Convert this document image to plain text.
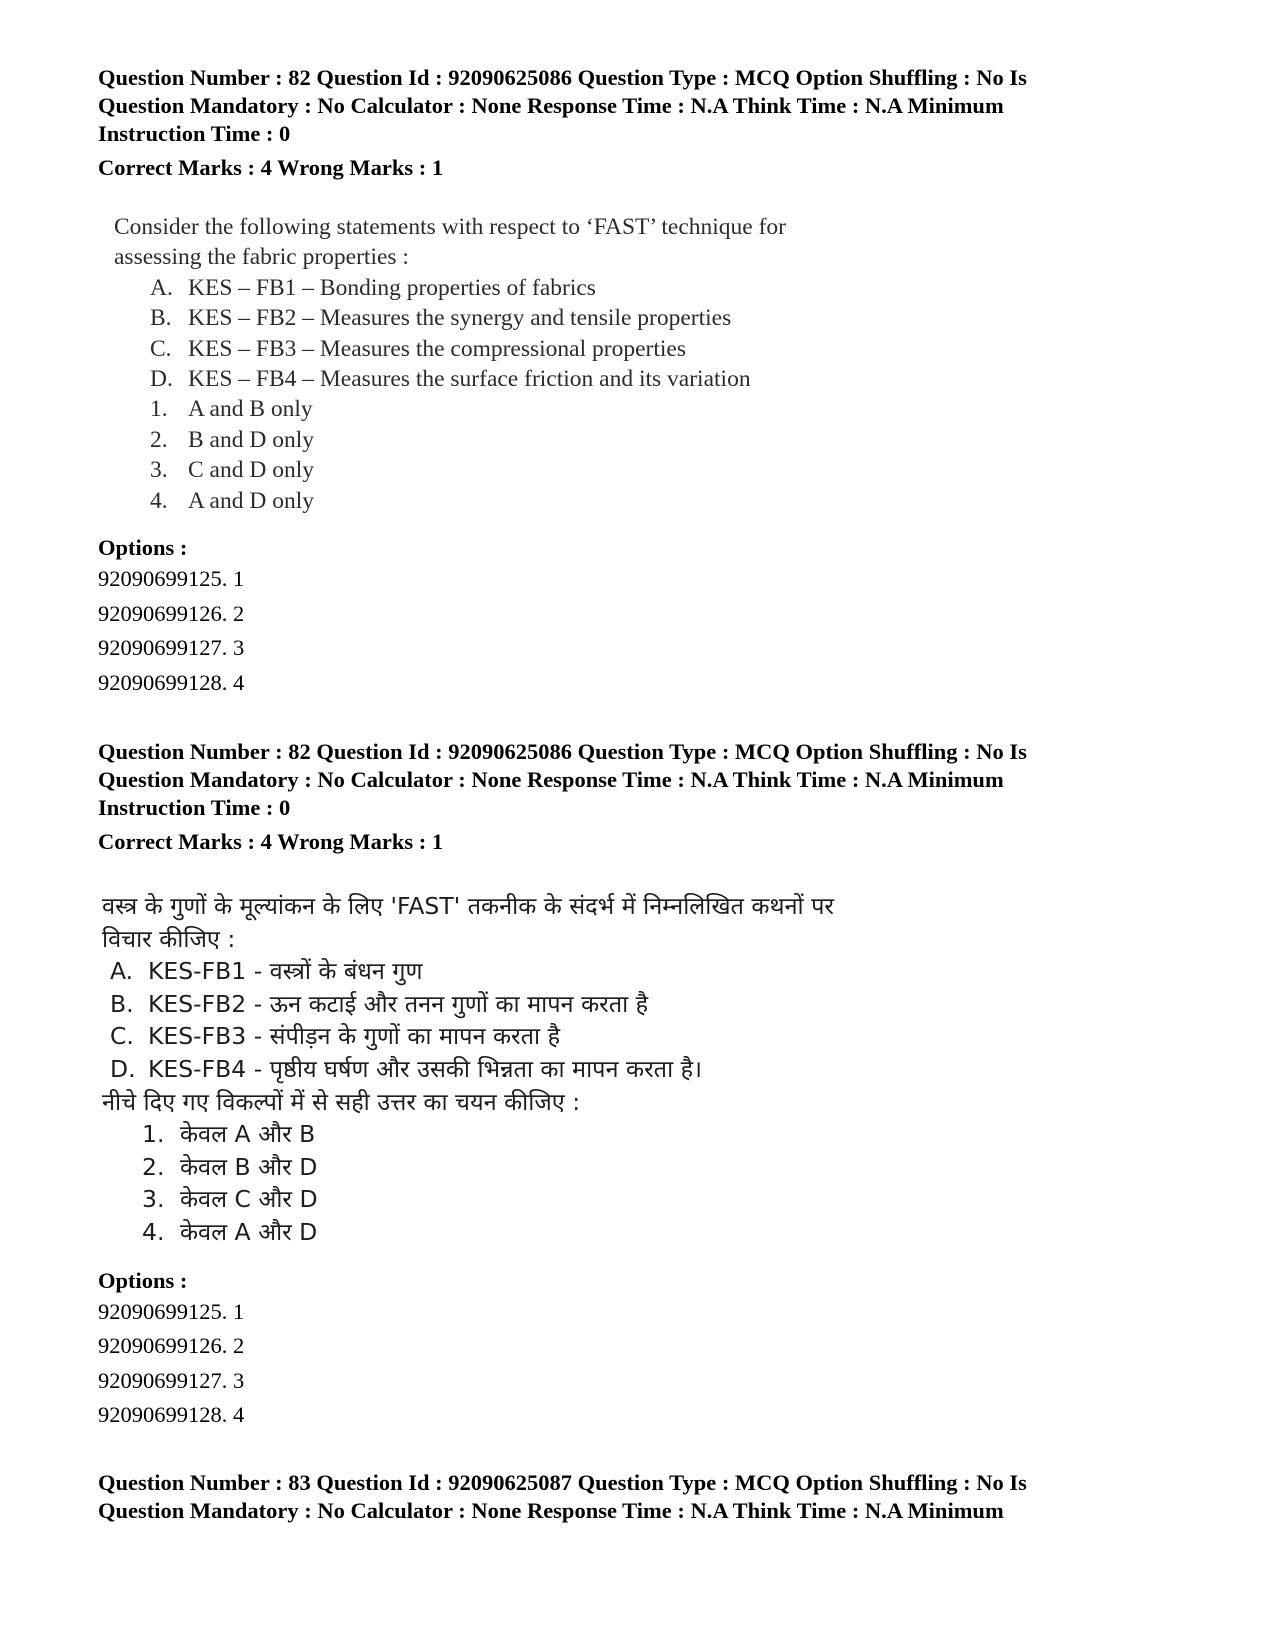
Question Number : 82 Question Id : 92090625086 Question Type : MCQ Option Shuffling : No Is
Question Mandatory : No Calculator : None Response Time : N.A Think Time : N.A Minimum
Instruction Time : 0
Correct Marks : 4 Wrong Marks : 1
Consider the following statements with respect to ‘FAST’ technique for
assessing the fabric properties :
A. KES – FB1 – Bonding properties of fabrics
B. KES – FB2 – Measures the synergy and tensile properties
C. KES – FB3 – Measures the compressional properties
D. KES – FB4 – Measures the surface friction and its variation
1. A and B only
2. B and D only
3. C and D only
4. A and D only
Options :
92090699125. 1
92090699126. 2
92090699127. 3
92090699128. 4
Question Number : 82 Question Id : 92090625086 Question Type : MCQ Option Shuffling : No Is
Question Mandatory : No Calculator : None Response Time : N.A Think Time : N.A Minimum
Instruction Time : 0
Correct Marks : 4 Wrong Marks : 1
वस्त्र के गुणों के मूल्यांकन के लिए 'FAST' तकनीक के संदर्भ में निम्नलिखित कथनों पर
विचार कीजिए :
A. KES-FB1 - वस्त्रों के बंधन गुण
B. KES-FB2 - ऊन कटाई और तनन गुणों का मापन करता है
C. KES-FB3 - संपीड़न के गुणों का मापन करता है
D. KES-FB4 - पृष्ठीय घर्षण और उसकी भिन्नता का मापन करता है।
नीचे दिए गए विकल्पों में से सही उत्तर का चयन कीजिए :
1. केवल A और B
2. केवल B और D
3. केवल C और D
4. केवल A और D
Options :
92090699125. 1
92090699126. 2
92090699127. 3
92090699128. 4
Question Number : 83 Question Id : 92090625087 Question Type : MCQ Option Shuffling : No Is
Question Mandatory : No Calculator : None Response Time : N.A Think Time : N.A Minimum
